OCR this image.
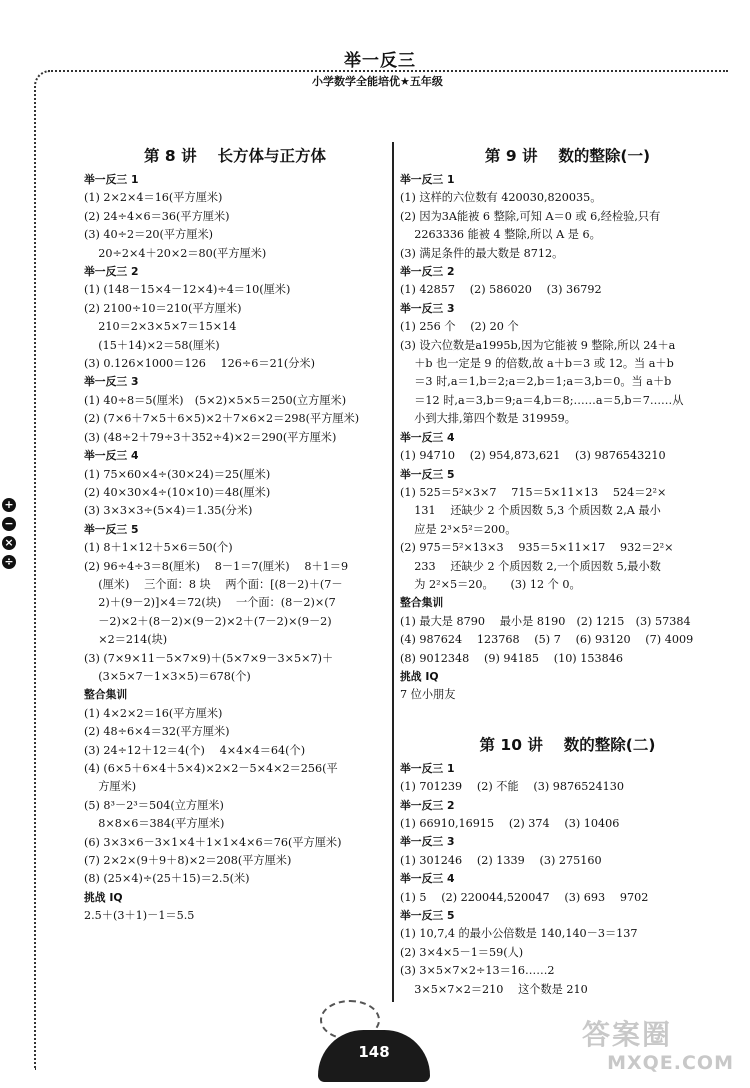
举一反三
小学数学全能培优★五年级
+
−
×
÷
第 8 讲　 长方体与正方体
举一反三 1
(1) 2×2×4＝16(平方厘米)
(2) 24÷4×6＝36(平方厘米)
(3) 40÷2＝20(平方厘米)
20÷2×4＋20×2＝80(平方厘米)
举一反三 2
(1) (148－15×4－12×4)÷4＝10(厘米)
(2) 2100÷10＝210(平方厘米)
210＝2×3×5×7＝15×14
(15＋14)×2＝58(厘米)
(3) 0.126×1000＝126　 126÷6＝21(分米)
举一反三 3
(1) 40÷8＝5(厘米)　(5×2)×5×5＝250(立方厘米)
(2) (7×6＋7×5＋6×5)×2＋7×6×2＝298(平方厘米)
(3) (48÷2＋79÷3＋352÷4)×2＝290(平方厘米)
举一反三 4
(1) 75×60×4÷(30×24)＝25(厘米)
(2) 40×30×4÷(10×10)＝48(厘米)
(3) 3×3×3÷(5×4)＝1.35(分米)
举一反三 5
(1) 8＋1×12＋5×6＝50(个)
(2) 96÷4÷3＝8(厘米)　 8－1＝7(厘米)　 8＋1＝9
(厘米)　 三个面：8 块　 两个面：[(8－2)＋(7－
2)＋(9－2)]×4＝72(块)　 一个面：(8－2)×(7
－2)×2＋(8－2)×(9－2)×2＋(7－2)×(9－2)
×2＝214(块)
(3) (7×9×11－5×7×9)＋(5×7×9－3×5×7)＋
(3×5×7－1×3×5)＝678(个)
整合集训
(1) 4×2×2＝16(平方厘米)
(2) 48÷6×4＝32(平方厘米)
(3) 24÷12＋12＝4(个)　 4×4×4＝64(个)
(4) (6×5＋6×4＋5×4)×2×2－5×4×2＝256(平
方厘米)
(5) 8³－2³＝504(立方厘米)
8×8×6＝384(平方厘米)
(6) 3×3×6－3×1×4＋1×1×4×6＝76(平方厘米)
(7) 2×2×(9＋9＋8)×2＝208(平方厘米)
(8) (25×4)÷(25＋15)＝2.5(米)
挑战 IQ
2.5＋(3＋1)－1＝5.5
第 9 讲　 数的整除(一)
举一反三 1
(1) 这样的六位数有 420030,820035。
(2) 因为3A能被 6 整除,可知 A＝0 或 6,经检验,只有
2263336 能被 4 整除,所以 A 是 6。
(3) 满足条件的最大数是 8712。
举一反三 2
(1) 42857　 (2) 586020　 (3) 36792
举一反三 3
(1) 256 个　 (2) 20 个
(3) 设六位数是a1995b,因为它能被 9 整除,所以 24＋a
＋b 也一定是 9 的倍数,故 a＋b＝3 或 12。当 a＋b
＝3 时,a＝1,b＝2;a＝2,b＝1;a＝3,b＝0。当 a＋b
＝12 时,a＝3,b＝9;a＝4,b＝8;……a＝5,b＝7……从
小到大排,第四个数是 319959。
举一反三 4
(1) 94710　 (2) 954,873,621　 (3) 9876543210
举一反三 5
(1) 525＝5²×3×7　 715＝5×11×13　 524＝2²×
131　 还缺少 2 个质因数 5,3 个质因数 2,A 最小
应是 2³×5²＝200。
(2) 975＝5²×13×3　 935＝5×11×17　 932＝2²×
233　 还缺少 2 个质因数 2,一个质因数 5,最小数
为 2²×5＝20。　　(3) 12 个 0。
整合集训
(1) 最大是 8790　 最小是 8190　(2) 1215　(3) 57384
(4) 987624　 123768　 (5) 7　 (6) 93120　 (7) 4009
(8) 9012348　 (9) 94185　 (10) 153846
挑战 IQ
7 位小朋友
第 10 讲　 数的整除(二)
举一反三 1
(1) 701239　 (2) 不能　 (3) 9876524130
举一反三 2
(1) 66910,16915　 (2) 374　 (3) 10406
举一反三 3
(1) 301246　 (2) 1339　 (3) 275160
举一反三 4
(1) 5　 (2) 220044,520047　 (3) 693　 9702
举一反三 5
(1) 10,7,4 的最小公倍数是 140,140－3＝137
(2) 3×4×5－1＝59(人)
(3) 3×5×7×2÷13＝16……2
3×5×7×2＝210　 这个数是 210
148
答案圈
MXQE.COM
